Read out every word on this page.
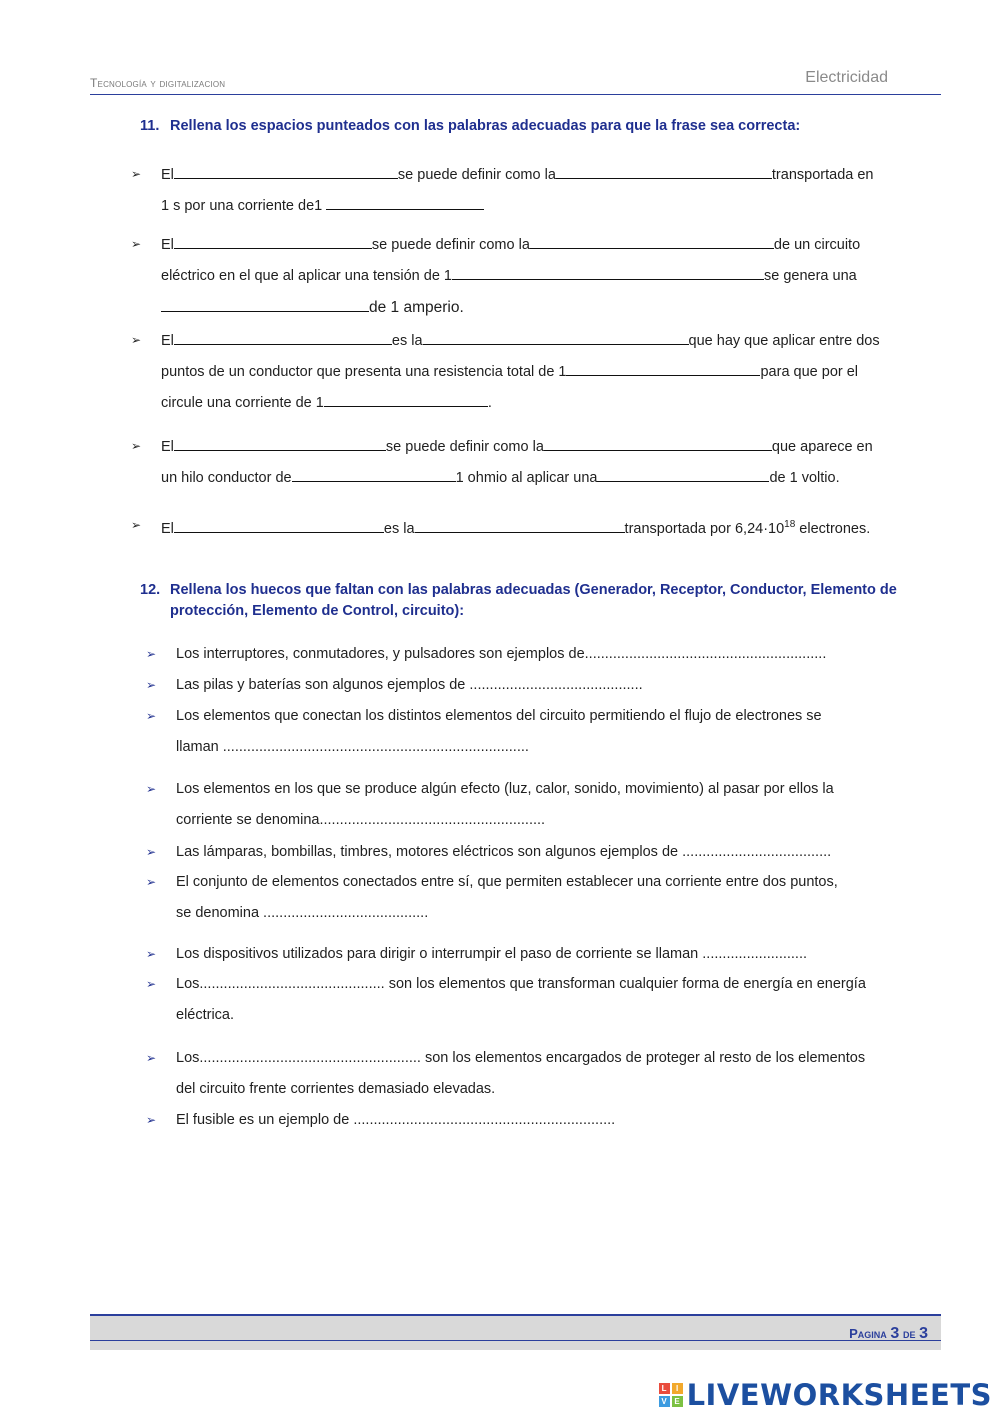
Tecnología y digitalizacion	Electricidad
11. Rellena los espacios punteados con las palabras adecuadas para que la frase sea correcta:
➢ El	se puede definir como la	transportada en
1 s por una corriente de1
➢ El	se puede definir como la	de un circuito
eléctrico en el que al aplicar una tensión de 1	se genera una
de 1 amperio.
➢ El	es la	que hay que aplicar entre dos
puntos de un conductor que presenta una resistencia total de 1	para que por el
circule una corriente de 1	.
➢ El	se puede definir como la	que aparece en
un hilo conductor de	1 ohmio al aplicar una	de 1 voltio.
➢ El	es la	transportada por $6,24\cdot 10^{18}$ electrones.
12. Rellena los huecos que faltan con las palabras adecuadas (Generador, Receptor, Conductor, Elemento de
protección, Elemento de Control, circuito):
➢ Los interruptores, conmutadores, y pulsadores son ejemplos de............................................................
➢ Las pilas y baterías son algunos ejemplos de ...........................................
➢ Los elementos que conectan los distintos elementos del circuito permitiendo el flujo de electrones se
llaman ............................................................................
➢ Los elementos en los que se produce algún efecto (luz, calor, sonido, movimiento) al pasar por ellos la
corriente se denomina........................................................
➢ Las lámparas, bombillas, timbres, motores eléctricos son algunos ejemplos de .....................................
➢ El conjunto de elementos conectados entre sí, que permiten establecer una corriente entre dos puntos,
se denomina .........................................
➢ Los dispositivos utilizados para dirigir o interrumpir el paso de corriente se llaman ..........................
➢ Los.............................................. son los elementos que transforman cualquier forma de energía en energía
eléctrica.
➢ Los....................................................... son los elementos encargados de proteger al resto de los elementos
del circuito frente corrientes demasiado elevadas.
➢ El fusible es un ejemplo de .................................................................
Pagina 3 de 3
L	I
V E LIVEWORKSHEETS
